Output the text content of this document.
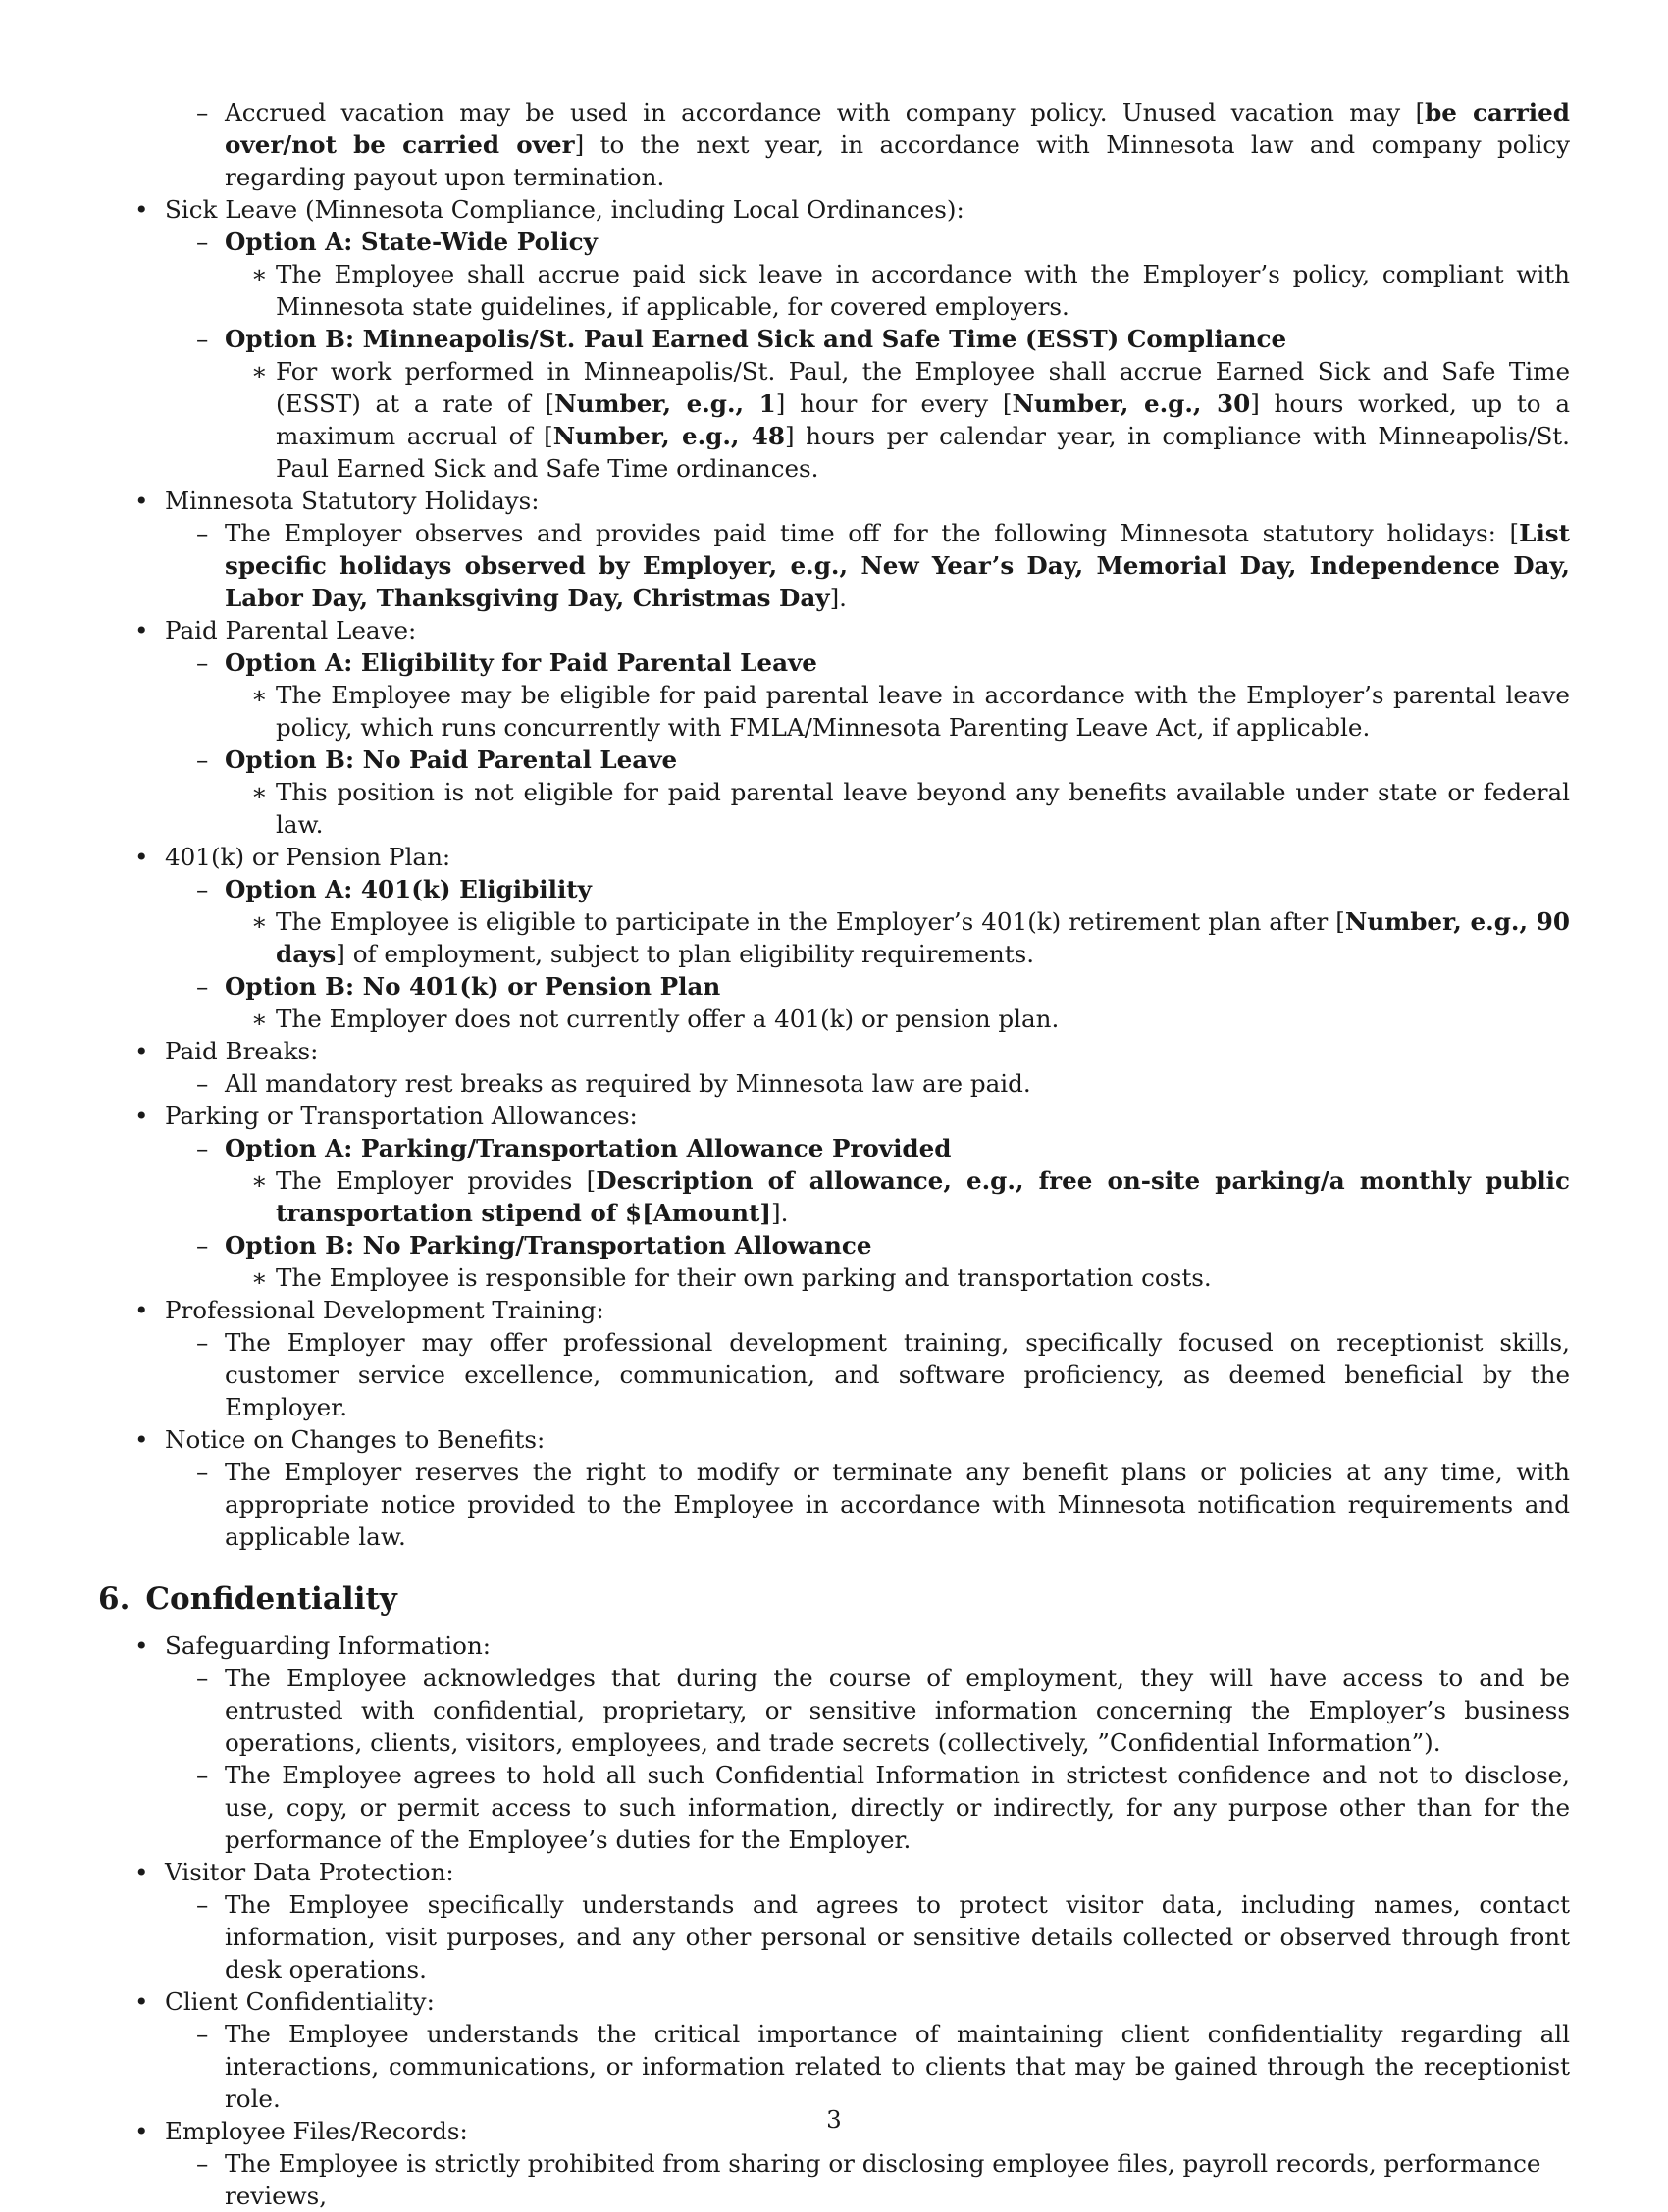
– Accrued vacation may be used in accordance with company policy. Unused vacation may [be carried over/not be carried over] to the next year, in accordance with Minnesota law and company policy regarding payout upon termination.
• Sick Leave (Minnesota Compliance, including Local Ordinances):
– Option A: State-Wide Policy
∗ The Employee shall accrue paid sick leave in accordance with the Employer’s policy, compliant with Minnesota state guidelines, if applicable, for covered employers.
– Option B: Minneapolis/St. Paul Earned Sick and Safe Time (ESST) Compliance
∗ For work performed in Minneapolis/St. Paul, the Employee shall accrue Earned Sick and Safe Time (ESST) at a rate of [Number, e.g., 1] hour for every [Number, e.g., 30] hours worked, up to a maximum accrual of [Number, e.g., 48] hours per calendar year, in compliance with Minneapolis/St. Paul Earned Sick and Safe Time ordinances.
• Minnesota Statutory Holidays:
– The Employer observes and provides paid time off for the following Minnesota statutory holidays: [List specific holidays observed by Employer, e.g., New Year’s Day, Memorial Day, Independence Day, Labor Day, Thanksgiving Day, Christmas Day].
• Paid Parental Leave:
– Option A: Eligibility for Paid Parental Leave
∗ The Employee may be eligible for paid parental leave in accordance with the Employer’s parental leave policy, which runs concurrently with FMLA/Minnesota Parenting Leave Act, if applicable.
– Option B: No Paid Parental Leave
∗ This position is not eligible for paid parental leave beyond any benefits available under state or federal law.
• 401(k) or Pension Plan:
– Option A: 401(k) Eligibility
∗ The Employee is eligible to participate in the Employer’s 401(k) retirement plan after [Number, e.g., 90 days] of employment, subject to plan eligibility requirements.
– Option B: No 401(k) or Pension Plan
∗ The Employer does not currently offer a 401(k) or pension plan.
• Paid Breaks:
– All mandatory rest breaks as required by Minnesota law are paid.
• Parking or Transportation Allowances:
– Option A: Parking/Transportation Allowance Provided
∗ The Employer provides [Description of allowance, e.g., free on-site parking/a monthly public transportation stipend of $[Amount]].
– Option B: No Parking/Transportation Allowance
∗ The Employee is responsible for their own parking and transportation costs.
• Professional Development Training:
– The Employer may offer professional development training, specifically focused on receptionist skills, customer service excellence, communication, and software proficiency, as deemed beneficial by the Employer.
• Notice on Changes to Benefits:
– The Employer reserves the right to modify or terminate any benefit plans or policies at any time, with appropriate notice provided to the Employee in accordance with Minnesota notification requirements and applicable law.
6. Confidentiality
• Safeguarding Information:
– The Employee acknowledges that during the course of employment, they will have access to and be entrusted with confidential, proprietary, or sensitive information concerning the Employer’s business operations, clients, visitors, employees, and trade secrets (collectively, ”Confidential Information”).
– The Employee agrees to hold all such Confidential Information in strictest confidence and not to disclose, use, copy, or permit access to such information, directly or indirectly, for any purpose other than for the performance of the Employee’s duties for the Employer.
• Visitor Data Protection:
– The Employee specifically understands and agrees to protect visitor data, including names, contact information, visit purposes, and any other personal or sensitive details collected or observed through front desk operations.
• Client Confidentiality:
– The Employee understands the critical importance of maintaining client confidentiality regarding all interactions, communications, or information related to clients that may be gained through the receptionist role.
• Employee Files/Records:
– The Employee is strictly prohibited from sharing or disclosing employee files, payroll records, performance reviews,
3
